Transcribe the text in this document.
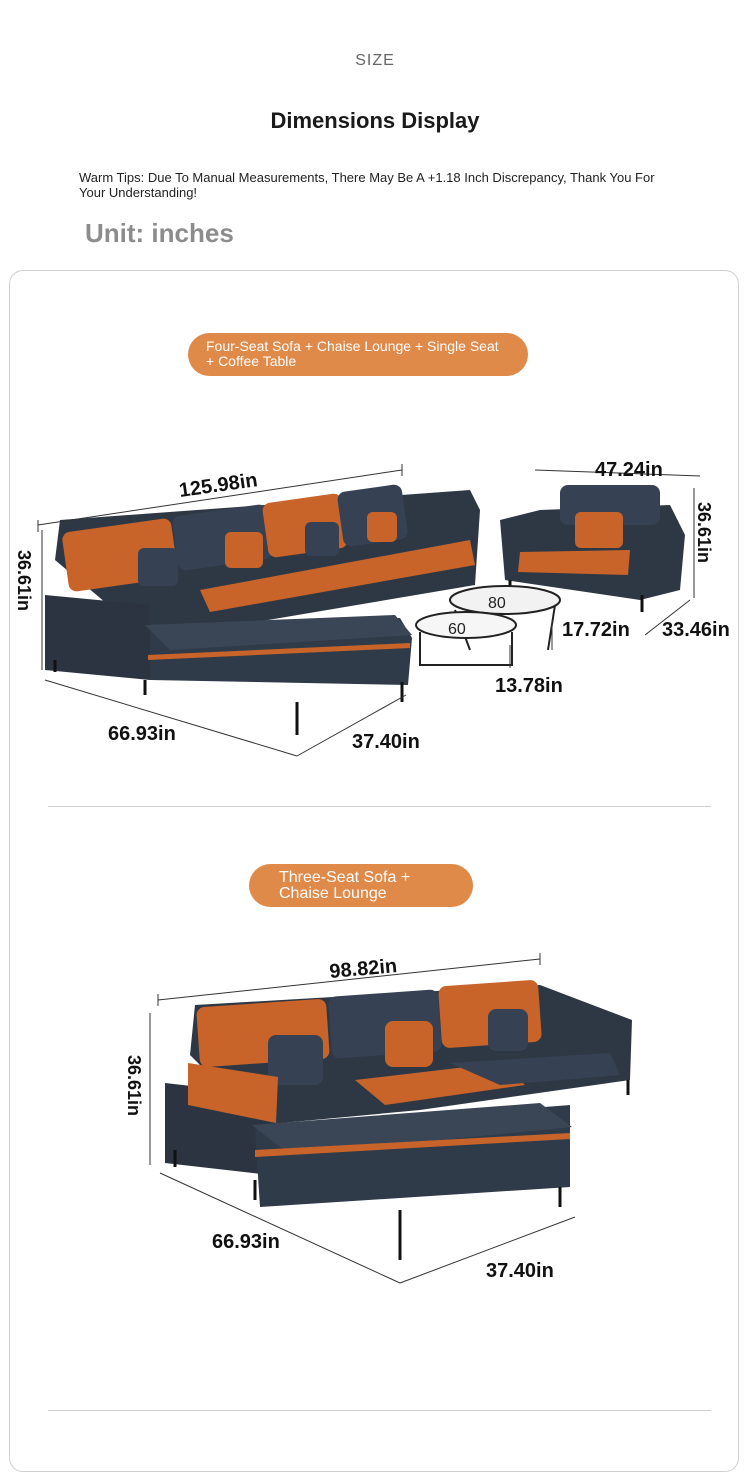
SIZE
Dimensions Display
Warm Tips: Due To Manual Measurements, There May Be A +1.18 Inch Discrepancy, Thank You For Your Understanding!
Unit: inches
Four-Seat Sofa + Chaise Lounge + Single Seat + Coffee Table
125.98in
36.61in
66.93in	37.40in
47.24in
36.61in
33.46in
17.72in
13.78in
80
60
Three-Seat Sofa + Chaise Lounge
98.82in
36.61in
66.93in
37.40in
